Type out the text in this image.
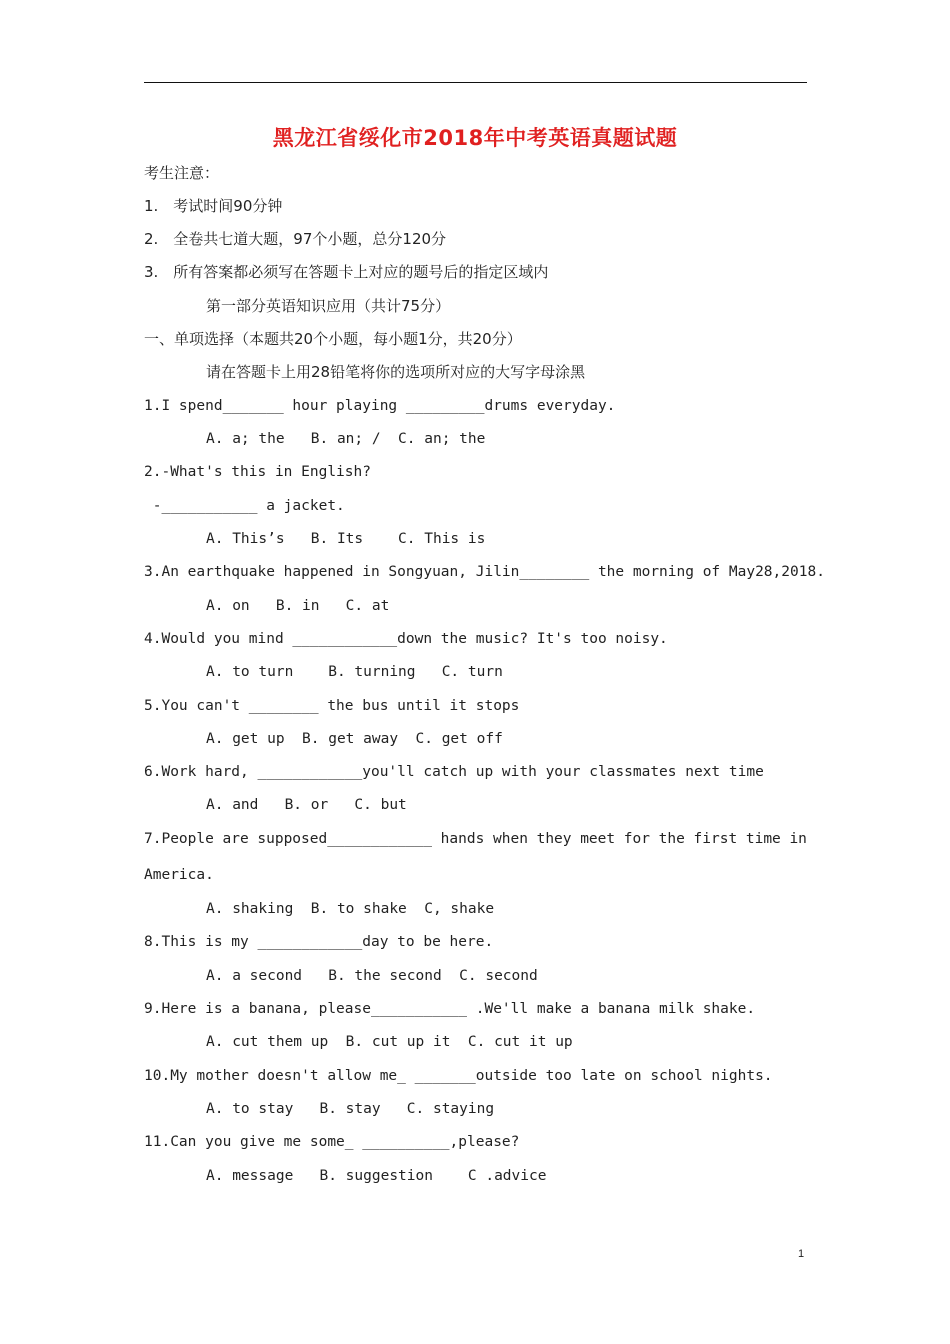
黑龙江省绥化市2018年中考英语真题试题
考生注意：
1.　考试时间90分钟
2.　全卷共七道大题，97个小题，总分120分
3.　所有答案都必须写在答题卡上对应的题号后的指定区域内
第一部分英语知识应用（共计75分）
一、单项选择（本题共20个小题，每小题1分，共20分）
请在答题卡上用28铅笔将你的选项所对应的大写字母涂黑
1.I spend_______ hour playing _________drums everyday.
A. a; the   B. an; /  C. an; the
2.-What's this in English?
-___________ a jacket.
A. This’s   B. Its    C. This is
3.An earthquake happened in Songyuan, Jilin________ the morning of May28,2018.
A. on   B. in   C. at
4.Would you mind ____________down the music? It's too noisy.
A. to turn    B. turning   C. turn
5.You can't ________ the bus until it stops
A. get up  B. get away  C. get off
6.Work hard, ____________you'll catch up with your classmates next time
A. and   B. or   C. but
7.People are supposed____________ hands when they meet for the first time in
America.
A. shaking  B. to shake  C, shake
8.This is my ____________day to be here.
A. a second   B. the second  C. second
9.Here is a banana, please___________ .We'll make a banana milk shake.
A. cut them up  B. cut up it  C. cut it up
10.My mother doesn't allow me_ _______outside too late on school nights.
A. to stay   B. stay   C. staying
11.Can you give me some_ __________,please?
A. message   B. suggestion    C .advice
1
